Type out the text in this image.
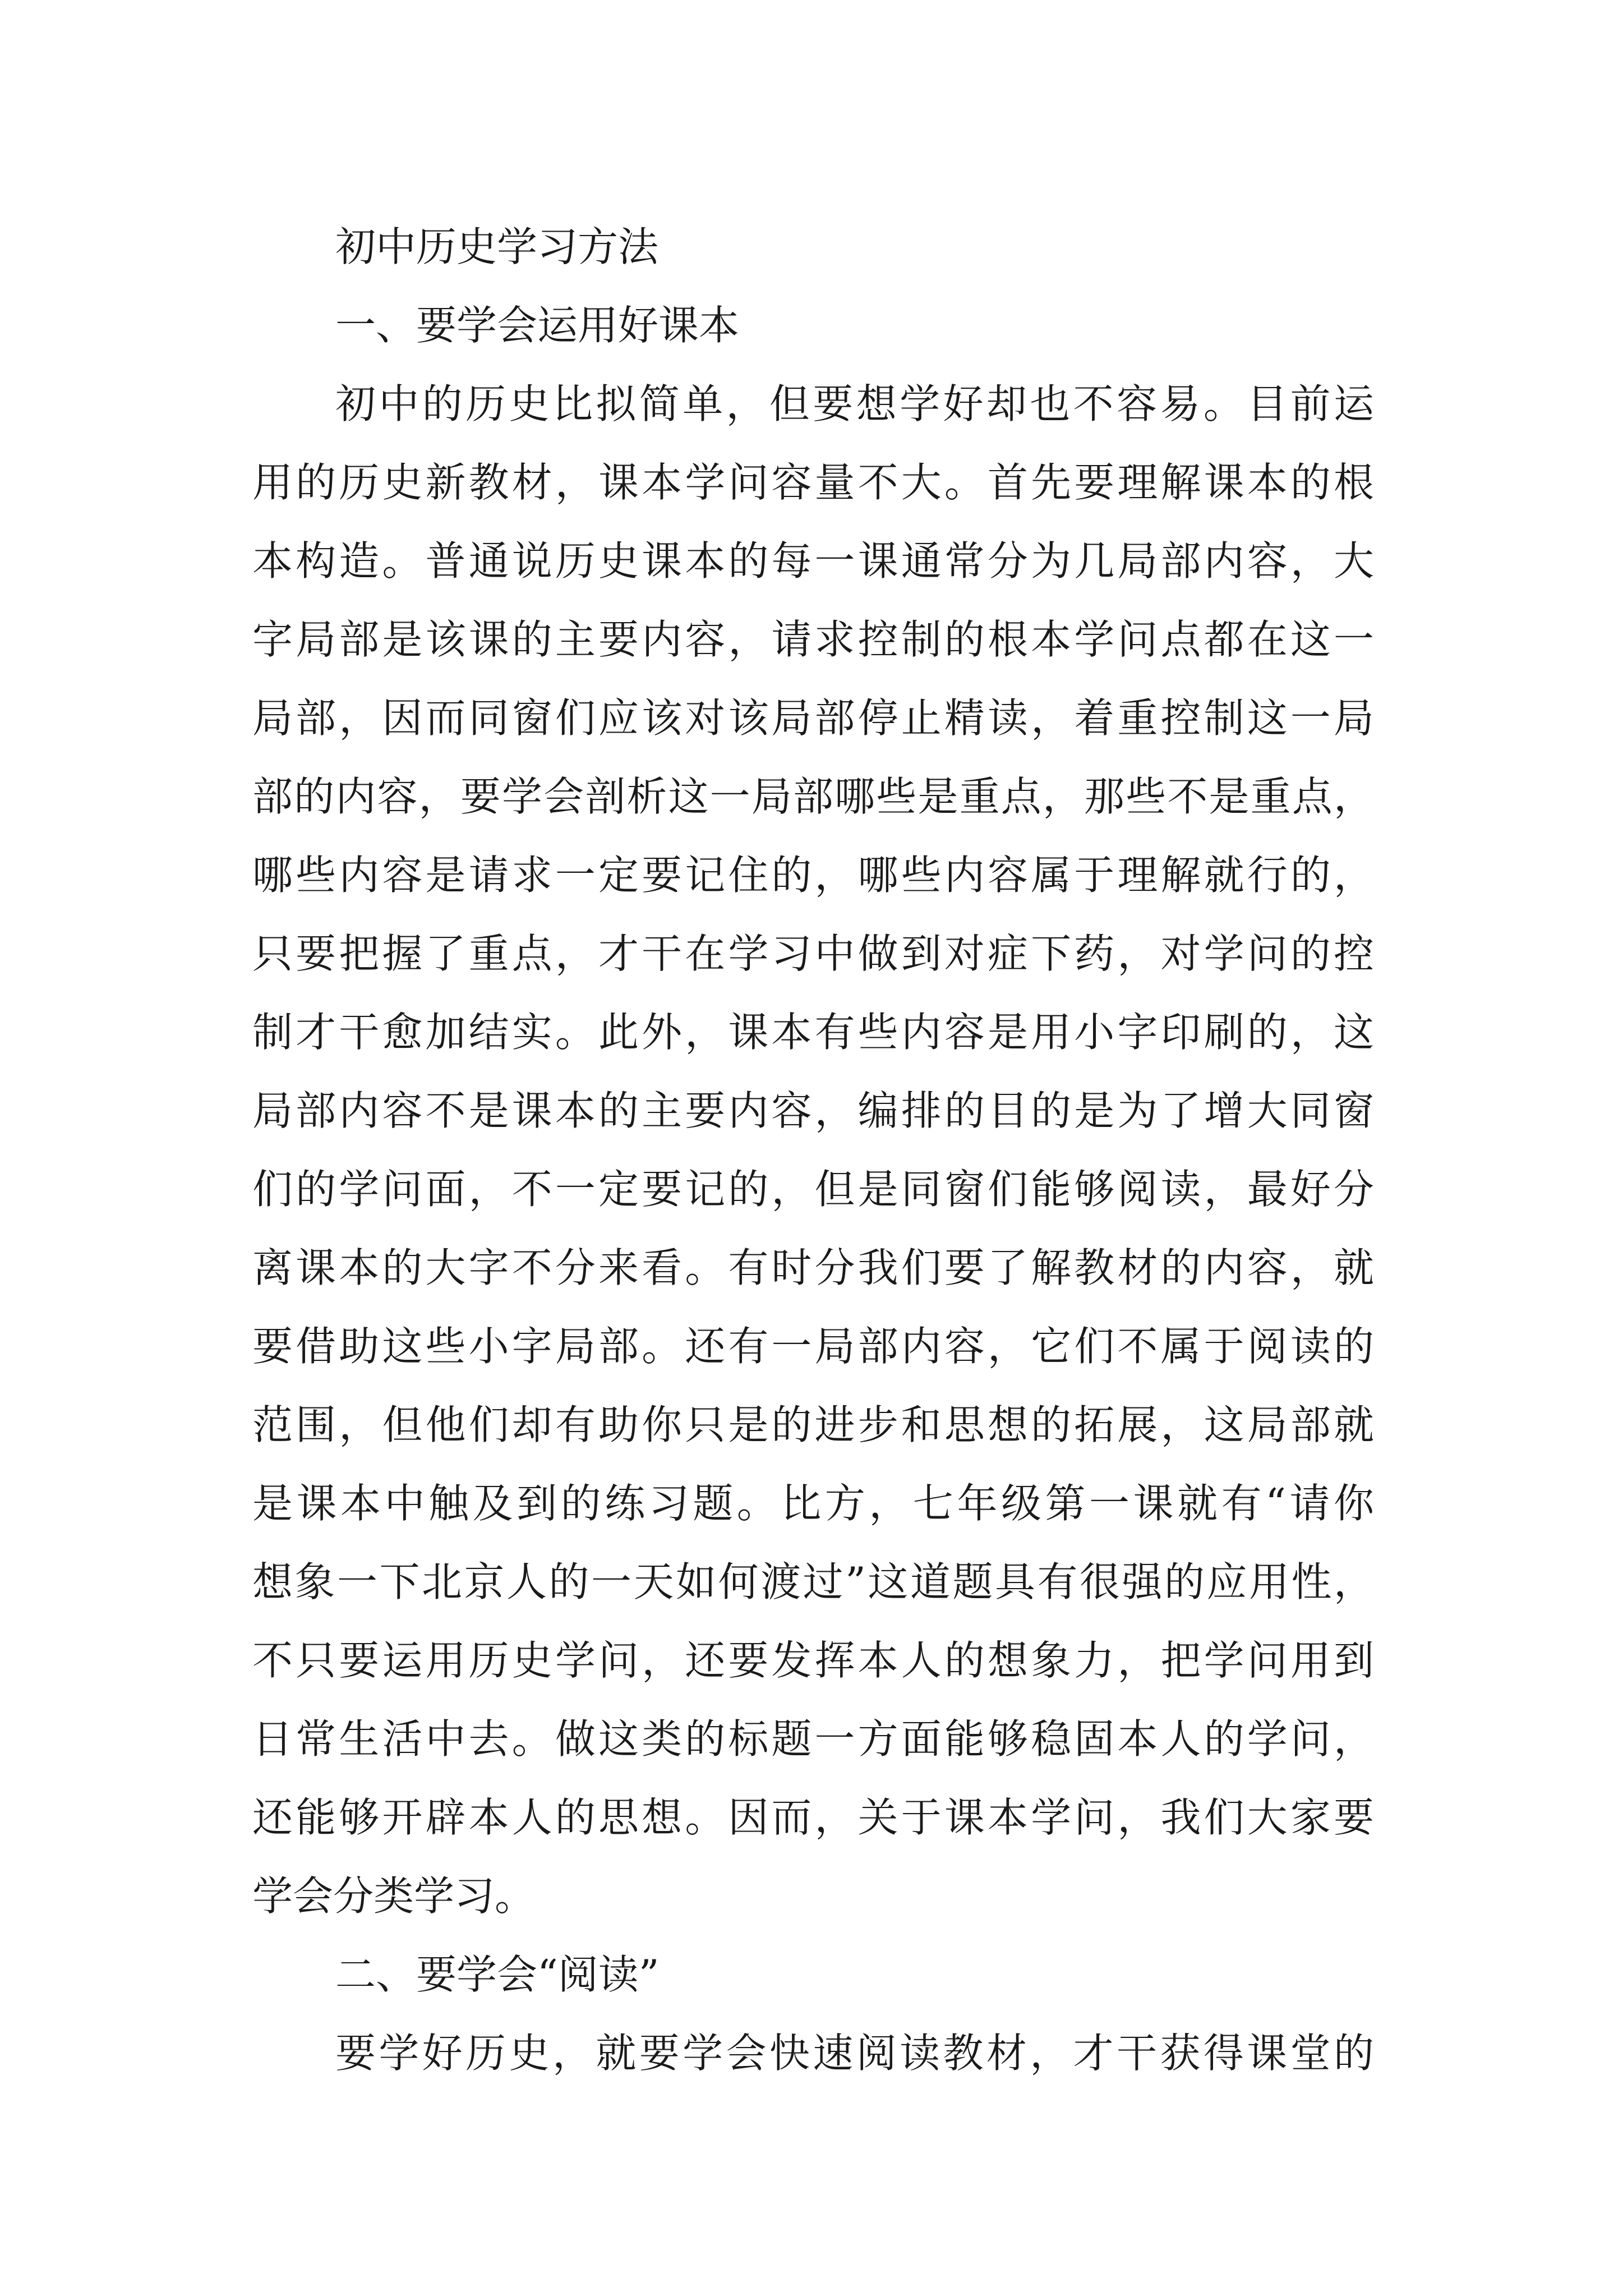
初中历史学习方法
一、要学会运用好课本
初中的历史比拟简单，但要想学好却也不容易。目前运
用的历史新教材，课本学问容量不大。首先要理解课本的根
本构造。普通说历史课本的每一课通常分为几局部内容，大
字局部是该课的主要内容，请求控制的根本学问点都在这一
局部，因而同窗们应该对该局部停止精读，着重控制这一局
部的内容，要学会剖析这一局部哪些是重点，那些不是重点，
哪些内容是请求一定要记住的，哪些内容属于理解就行的，
只要把握了重点，才干在学习中做到对症下药，对学问的控
制才干愈加结实。此外，课本有些内容是用小字印刷的，这
局部内容不是课本的主要内容，编排的目的是为了增大同窗
们的学问面，不一定要记的，但是同窗们能够阅读，最好分
离课本的大字不分来看。有时分我们要了解教材的内容，就
要借助这些小字局部。还有一局部内容，它们不属于阅读的
范围，但他们却有助你只是的进步和思想的拓展，这局部就
是课本中触及到的练习题。比方，七年级第一课就有“请你
想象一下北京人的一天如何渡过”这道题具有很强的应用性，
不只要运用历史学问，还要发挥本人的想象力，把学问用到
日常生活中去。做这类的标题一方面能够稳固本人的学问，
还能够开辟本人的思想。因而，关于课本学问，我们大家要
学会分类学习。
二、要学会“阅读”
要学好历史，就要学会快速阅读教材，才干获得课堂的
